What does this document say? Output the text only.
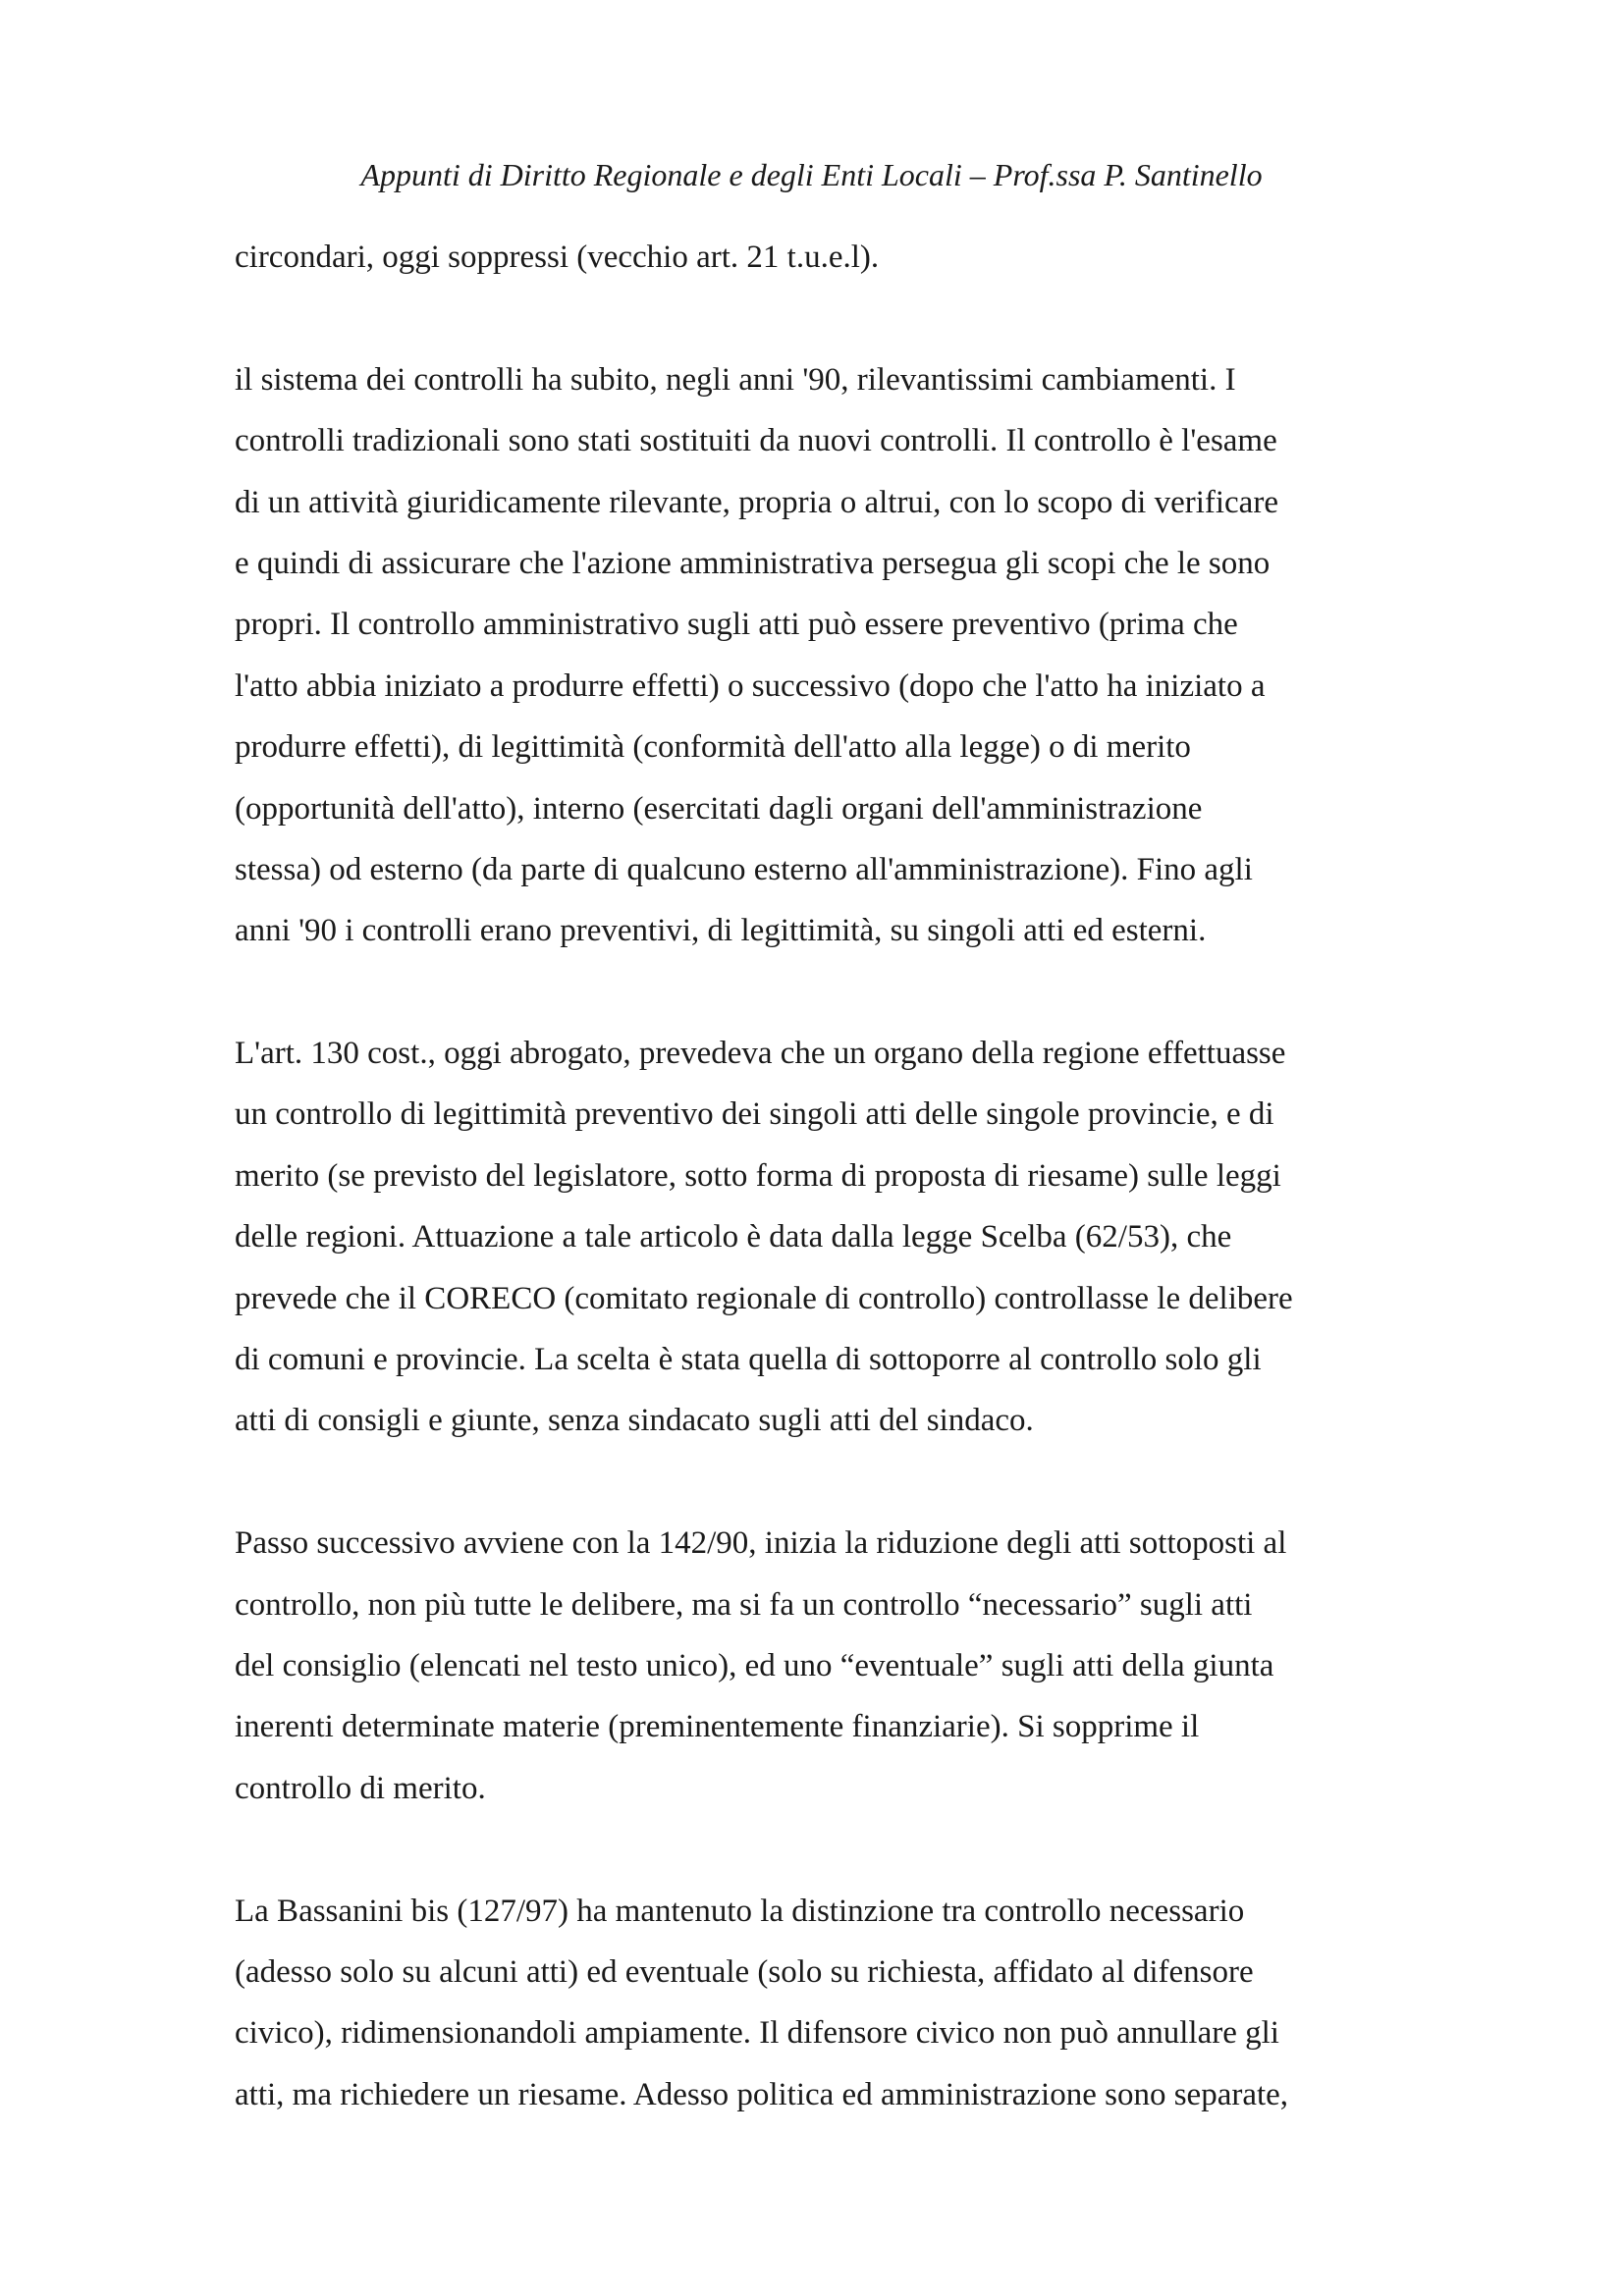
Appunti di Diritto Regionale e degli Enti Locali – Prof.ssa P. Santinello
circondari, oggi soppressi (vecchio art. 21 t.u.e.l).
il sistema dei controlli ha subito, negli anni '90, rilevantissimi cambiamenti. I
controlli tradizionali sono stati sostituiti da nuovi controlli. Il controllo è l'esame
di un attività giuridicamente rilevante, propria o altrui, con lo scopo di verificare
e quindi di assicurare che l'azione amministrativa persegua gli scopi che le sono
propri. Il controllo amministrativo sugli atti può essere preventivo (prima che
l'atto abbia iniziato a produrre effetti) o successivo (dopo che l'atto ha iniziato a
produrre effetti), di legittimità (conformità dell'atto alla legge) o di merito
(opportunità dell'atto), interno (esercitati dagli organi dell'amministrazione
stessa) od esterno (da parte di qualcuno esterno all'amministrazione). Fino agli
anni '90 i controlli erano preventivi, di legittimità, su singoli atti ed esterni.
L'art. 130 cost., oggi abrogato, prevedeva che un organo della regione effettuasse
un controllo di legittimità preventivo dei singoli atti delle singole provincie, e di
merito (se previsto del legislatore, sotto forma di proposta di riesame) sulle leggi
delle regioni. Attuazione a tale articolo è data dalla legge Scelba (62/53), che
prevede che il CORECO (comitato regionale di controllo) controllasse le delibere
di comuni e provincie. La scelta è stata quella di sottoporre al controllo solo gli
atti di consigli e giunte, senza sindacato sugli atti del sindaco.
Passo successivo avviene con la 142/90, inizia la riduzione degli atti sottoposti al
controllo, non più tutte le delibere, ma si fa un controllo “necessario” sugli atti
del consiglio (elencati nel testo unico), ed uno “eventuale” sugli atti della giunta
inerenti determinate materie (preminentemente finanziarie). Si sopprime il
controllo di merito.
La Bassanini bis (127/97) ha mantenuto la distinzione tra controllo necessario
(adesso solo su alcuni atti) ed eventuale (solo su richiesta, affidato al difensore
civico), ridimensionandoli ampiamente. Il difensore civico non può annullare gli
atti, ma richiedere un riesame. Adesso politica ed amministrazione sono separate,
